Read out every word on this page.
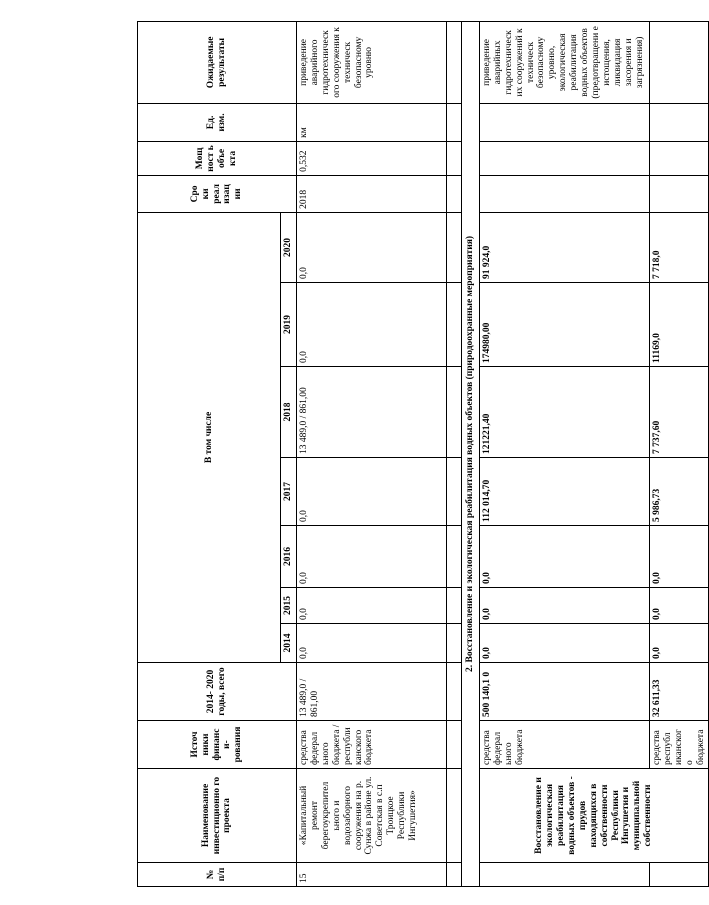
№ п/п	Наименование инвестиционно го проекта	Источ ники финанс и- рования	2014- 2020 годы, всего	В том числе							Сро ки реал изац ии	Мощ ност ь объе кта	Ед. изм.	Ожидаемые результаты
				2014	2015	2016	2017	2018	2019	2020				
15	«Капитальный ремонт берегоукрепител ьного и водозаборного сооружения на р. Сунжа в районе ул. Советская в с.п Троицкое Республики Ингушетия»	средства федерал ьного бюджета / республи канского бюджета	13 489,0 / 861,00	0,0	0,0	0,0	0,0	13 489,0 / 861,00	0,0	0,0	2018	0,532	км	приведение аварийного гидротехническ ого сооружения к техническ безопасному уровню

2. Восстановление и экологическая реабилитация водных объектов (природоохранные мероприятия)														
	Восстановление и экологическая реабилитация водных объектов - прудов находящихся в собственности Республики Ингушетия и муниципальной собственности	средства федерал ьного бюджета	500 140,1 0	0,0	0,0	0,0	112 014,70	121221,40	174980,00	91 924,0				приведение аварийных гидротехническ их сооружений к техническ безопасному уровню, экологическая реабилитация водных объектов (предотвращени е истощения, ликвидация засорения и загрязнения)
		средства республ иканског о бюджета	32 611,33	0,0	0,0	0,0	5 986,73	7 737,60	11169,0	7 718,0				
